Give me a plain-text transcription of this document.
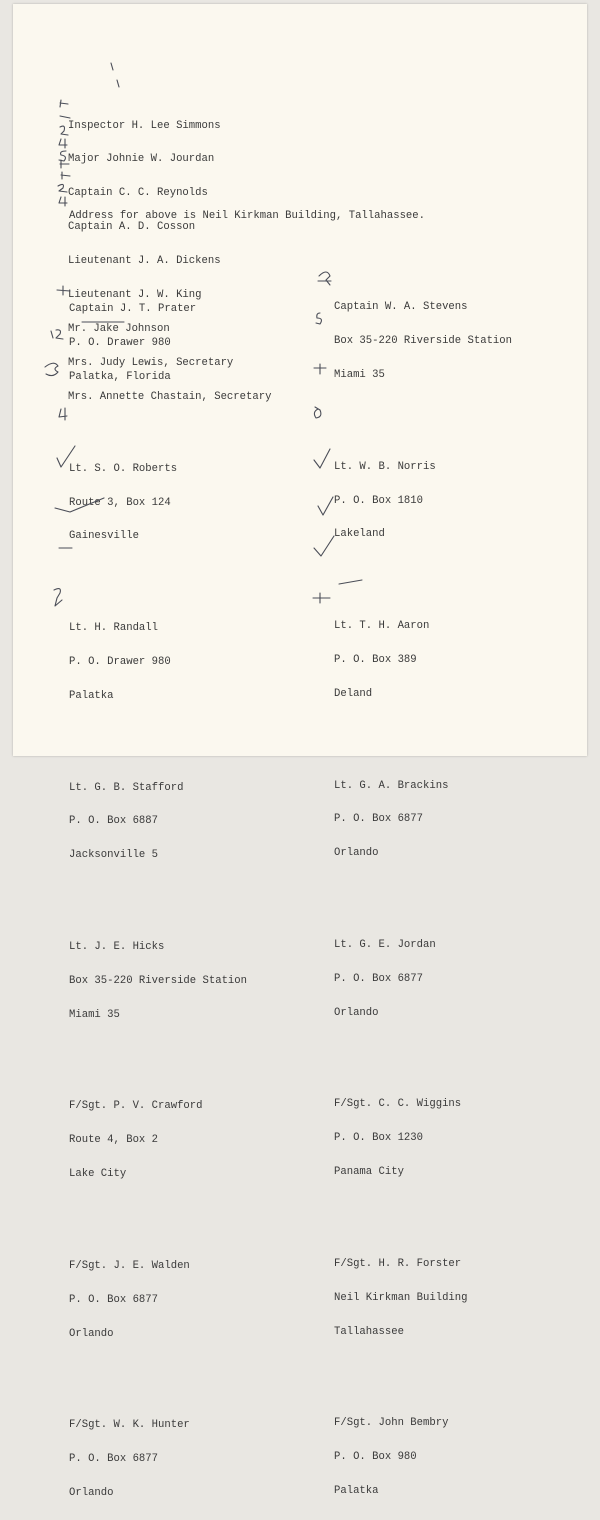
Inspector H. Lee Simmons

Major Johnie W. Jourdan

Captain C. C. Reynolds

Captain A. D. Cosson

Lieutenant J. A. Dickens

Lieutenant J. W. King

Mr. Jake Johnson

Mrs. Judy Lewis, Secretary

Mrs. Annette Chastain, Secretary

Address for above is Neil Kirkman Building, Tallahassee.

Captain J. T. Prater

P. O. Drawer 980

Palatka, Florida

Lt. S. O. Roberts

Route 3, Box 124

Gainesville

Lt. H. Randall

P. O. Drawer 980

Palatka

Lt. G. B. Stafford

P. O. Box 6887

Jacksonville 5

Lt. J. E. Hicks

Box 35-220 Riverside Station

Miami 35

F/Sgt. P. V. Crawford

Route 4, Box 2

Lake City

F/Sgt. J. E. Walden

P. O. Box 6877

Orlando

F/Sgt. W. K. Hunter

P. O. Box 6877

Orlando

Captain W. A. Stevens

Box 35-220 Riverside Station

Miami 35

Lt. W. B. Norris

P. O. Box 1810

Lakeland

Lt. T. H. Aaron

P. O. Box 389

Deland

Lt. G. A. Brackins

P. O. Box 6877

Orlando

Lt. G. E. Jordan

P. O. Box 6877

Orlando

F/Sgt. C. C. Wiggins

P. O. Box 1230

Panama City

F/Sgt. H. R. Forster

Neil Kirkman Building

Tallahassee

F/Sgt. John Bembry

P. O. Box 980

Palatka
